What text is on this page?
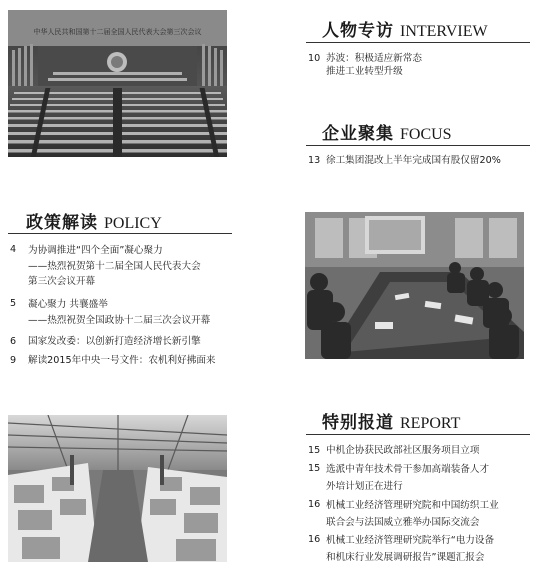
中华人民共和国第十二届全国人民代表大会第三次会议	人物专访 INTERVIEW
10 苏波：积极适应新常态
推进工业转型升级
企业聚集 FOCUS
13 徐工集团混改上半年完成国有股仅留20%
政策解读 POLICY
4	为协调推进“四个全面”凝心聚力
——热烈祝贺第十二届全国人民代表大会
第三次会议开幕
5	凝心聚力 共襄盛举
——热烈祝贺全国政协十二届三次会议开幕
6	国家发改委：以创新打造经济增长新引擎
9	解读2015年中央一号文件：农机利好拂面来
特别报道 REPORT
15 中机企协获民政部社区服务项目立项
15 选派中青年技术骨干参加高端装备人才
外培计划正在进行
16 机械工业经济管理研究院和中国纺织工业
联合会与法国威立雅举办国际交流会
16 机械工业经济管理研究院举行“电力设备
和机床行业发展调研报告”课题汇报会
